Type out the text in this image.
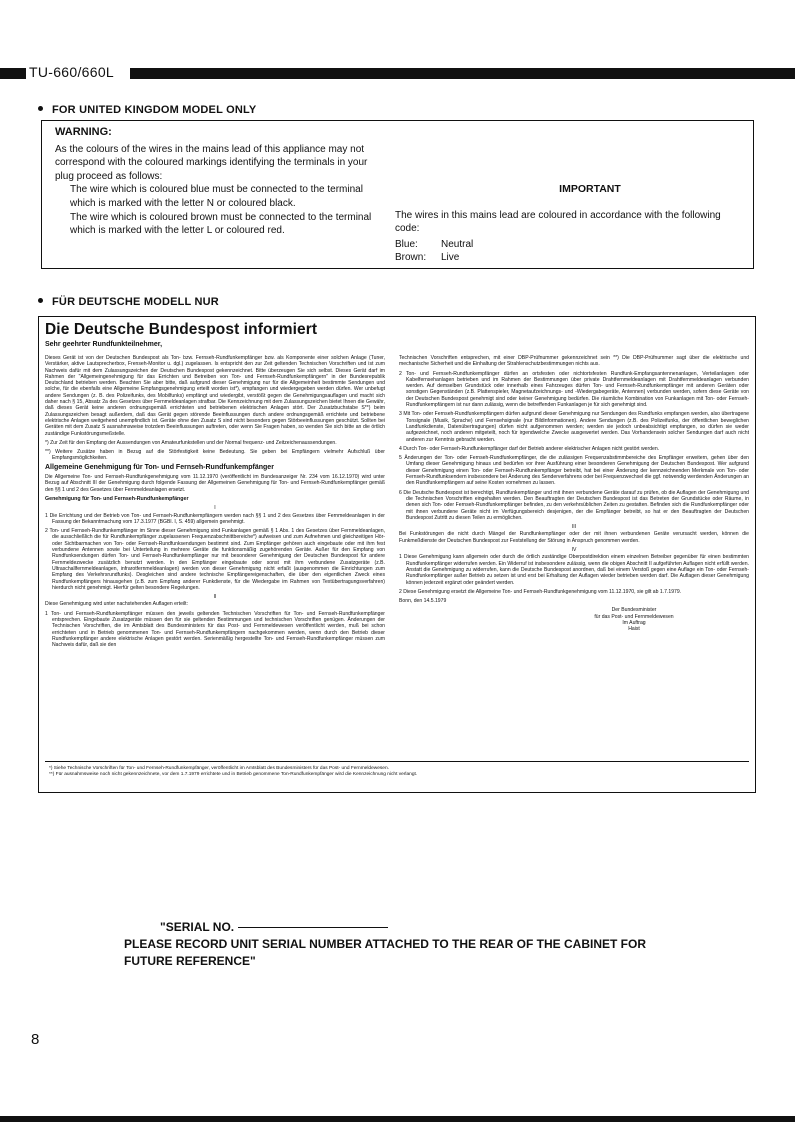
TU-660/660L
FOR UNITED KINGDOM MODEL ONLY
WARNING:
As the colours of the wires in the mains lead of this appliance may not correspond with the coloured markings identifying the terminals in your plug proceed as follows:
The wire which is coloured blue must be connected to the terminal which is marked with the letter N or coloured black.
The wire which is coloured brown must be connected to the terminal which is marked with the letter L or coloured red.
IMPORTANT
The wires in this mains lead are coloured in accordance with the following code:
Blue:	Neutral
Brown:	Live
FÜR DEUTSCHE MODELL NUR
Die Deutsche Bundespost informiert
Sehr geehrter Rundfunkteilnehmer,

Dieses Gerät ist von der Deutschen Bundespost als Ton- bzw. Fernseh-Rundfunkempfänger bzw. als Komponente einer solchen Anlage (Tuner, Verstärker, aktive Lautsprecherbox, Frenseh-Monitor u. dgl.) zugelassen. Is entspricht den zur Zeit geltenden Technischen Vorschriften und ist zum Nachweis dafür mit dem Zulassungszeichen der Deutschen Bundespost gekennzeichnet. Bitte überzeugen Sie sich selbst. Dieses Gerät darf im Rahmen der "Allgemeingenehmigung für das Errichten und Betreiben von Ton- und Fernseh-Rundfunkempfängern" in der Bundesrepublik Deutschland betrieben werden. Beachten Sie aber bitte, daß aufgrund dieser Genehmigung nur für die Allgemeinheit bestimmte Sendungen und solche, für die ebenfalls eine Allgemeine Empfangsgenehmigung erteilt worden ist*), empfangen und wiedergegeben werden dürfen. Wer unbefugt andere Sendungen (z. B. des Polizeifunks, des Mobilfunks) empfängt und wiedergibt, verstößt gegen die Genehmigungsauflagen und macht sich daher nach § 15, Absatz 2a des Gesetzes über Fernmeldeanlagen strafbar. Die Kennzeichnung mit dem Zulassungszeichen bietet Ihnen die Gewähr, daß dieses Gerät keine anderen ordnungsgemäß errichteten und betriebenen elektrischen Anlagen stört. Der Zusatzbuchstabe S**) beim Zulassungszeichen besagt außerdem, daß das Gerät gegen störende Beeinflussungen durch andere ordnungsgemäß errichtete und betriebene elektrische Anlagen weitgehend unempfindlich ist. Geräte ohne den Zusatz S sind nicht besonders gegen Störbeeinflussungen geschützt. Sollten bei Geräten mit dem Zusatz S ausnahmsweise trotzdem Beeinflussungen auftreten, oder wenn Sie Fragen haben, so wenden Sie sich bitte an die örtlich zuständige Funkstörungsmeßstelle.

*) Zur Zeit für den Empfang der Aussendungen von Amateurfunkstellen und der Normal frequenz- und Zeitzeichenaussendungen.

**) Weitere Zusätze haben in Bezug auf die Störfestigkeit keine Bedeutung. Sie geben bei Empfängern vielmehr Aufschluß über Empfangsmöglichkeiten.

Allgemeine Genehmigung für Ton- und Fernseh-Rundfunkempfänger

Die Allgemeine Ton- und Fernseh-Rundfunkgenehmigung vom 11.12.1970 (veröffentlicht im Bundesanzeiger Nr. 234 vom 16.12.1970) wird unter Bezug auf Abschnitt III der Genehmigung durch folgende Fassung der Allgemeinen Genehmigung für Ton- und Fernseh-Rundfunkempfänger gemäß den §§ 1 und 2 des Gesetzes über Fernmeldeanlagen ersetzt.

Genehmigung für Ton- und Fernseh-Rundfunkempfänger
I

1 Die Errichtung und der Betrieb von Ton- und Fernseh-Rundfunkempfängern werden nach §§ 1 und 2 des Gesetzes über Fernmeldeanlagen in der Fassung der Bekanntmachung vom 17.3.1977 (BGBl. I, S. 459) allgemein genehmigt.

2 Ton- und Fernseh-Rundfunkempfänger im Sinne dieser Genehmigung sind Funkanlagen gemäß § 1 Abs. 1 des Gesetzes über Fernmeldeanlagen, die ausschließlich die für Rundfunkempfänger zugelassenen Frequenzabschnittbereiche*) aufweisen und zum Aufnehmen und gleichzeitigen Hör- oder Sichtbarmachen von Ton- oder Fernseh-Rundfunksendungen bestimmt sind. Zum Empfänger gehören auch eingebaute oder mit ihm fest verbundene Antennen sowie bei Unterteilung in mehrere Geräte die funktionsmäßig zugehörenden Geräte. Außer für den Empfang von Rundfunksendungen dürfen Ton- und Fernseh-Rundfunkempfänger nur mit besonderer Genehmigung der Deutschen Bundespost für andere Fernmeldezwecke zusätzlich benutzt werden. In den Empfänger eingebaute oder sonst mit ihm verbundene Zusatzgeräte (z.B. Ultraschallfernmeldeanlagen, infrarotfernmeldeanlagen) werden von dieser Genehmigung nicht erfaßt (ausgenommen die Einrichtungen zum Empfang des Verkehrsrundfunks). Desgleichen sind andere technische Empfängereigenschaften, die über den eigentlichen Zweck eines Rundfunkempfängers hinausgehen (z.B. zum Empfang anderer Funkdienste, für die Wiedergabe im Rahmen von Textübertragungsverfahren) hierdurch nicht genehmigt. Hierfür gelten besondere Regelungen.

II

Diese Genehmigung wird unter nachstehenden Auflagen erteilt:

1 Ton- und Fernseh-Rundfunkempfänger müssen den jeweils geltenden Technischen Vorschriften für Ton- und Fernseh-Rundfunkempfänger entsprechen. Eingebaute Zusatzgeräte müssen den für sie geltenden Bestimmungen und technischen Vorschriften genügen. Änderungen der Technischen Vorschriften, die im Amtsblatt des Bundesministers für das Post- und Fernmeldewesen veröffentlicht werden, muß bei schon errichteten und in Betrieb genommenen Ton- und Fernseh-Rundfunkempfängern nachgekommen werden, wenn durch den Betrieb dieser Rundfunkempfänger andere elektrische Anlagen gestört werden. Serienmäßig hergestellte Ton- und Fernseh-Rundfunkempfänger müssen zum Nachweis dafür, daß sie den

Technischen Vorschriften entsprechen, mit einer DBP-Prüfnummer gekennzeichnet sein **) Die DBP-Prüfnummer sagt über die elektrische und mechanische Sicherheit und die Einhaltung der Strahlenschutzbestimmungen nichts aus.

2 Ton- und Fernseh-Rundfunkempfänger dürfen an ortsfesten oder nichtortsfesten Rundfunk-Empfangsantennenanlagen, Verteilanlagen oder Kabelfernsehanlagen betrieben und im Rahmen der Bestimmungen über private Drahtfernmeldeanlagen mit Drahtfernmeldeanlagen verbunden werden. Auf demselben Grundstück oder innerhalb eines Fahrzeuges dürfen Ton- und Fernseh-Rundfunkempfänger mit anderen Geräten oder sonstigen Gegenständen (z.B. Plattenspieler, Magnetaufzeichnungs- und -Wiedergabegeräte, Antennen) verbunden werden, sofern diese Geräte von der Deutschen Bundespost genehmigt sind oder keiner Genehmigung bedürfen. Die räumliche Kombination von Funkanlagen mit Ton- oder Fernseh-Rundfunkempfängern ist nur dann zulässig, wenn die betreffenden Funkanlagen je für sich genehmigt sind.

3 Mit Ton- oder Fernseh-Rundfunkempfängern dürfen aufgrund dieser Genehmigung nur Sendungen des Rundfunks empfangen werden, also übertragene Tonsignale (Musik, Sprache) und Fernsehsignale (nur Bildinformationen). Andere Sendungen (z.B. des Polizeifunks, der öffentlichen beweglichen Landfunkdienste, Datenübertragungen) dürfen nicht aufgenommen werden; werden sie jedoch unbeabsichtigt empfangen, so dürfen sie weder aufgezeichnet, noch anderen mitgeteilt, noch für irgendwelche Zwecke ausgewertet werden. Das Vorhandensein solcher Sendungen darf auch nicht anderen zur Kenntnis gebracht werden.

4 Durch Ton- oder Fernseh-Rundfunkempfänger darf der Betrieb anderer elektrischer Anlagen nicht gestört werden.

5 Änderungen der Ton- oder Fernseh-Rundfunkempfänger, die die zulässigen Frequenzabstimmbereiche des Empfänger erweitern, gehen über den Umfang dieser Genehmigung hinaus und bedürfen vor ihrer Ausführung einer besonderen Genehmigung der Deutschen Bundespost. Wer aufgrund dieser Genehmigung einen Ton- oder Fernseh-Rundfunkempfänger betreibt, hat bei einer Änderung der kennzeichnenden Merkmale von Ton- oder Fernseh-Rundfunksendern insbesondere bei Änderung des Senderverfahrens oder bei Frequenzwechsel die ggf. notwendig werdenden Änderungen an den Rundfunkempfängern auf seine Kosten vornehmen zu lassen.

6 Die Deutsche Bundespost ist berechtigt, Rundfunkempfänger und mit ihnen verbundene Geräte darauf zu prüfen, ob die Auflagen der Genehmigung und die Technischen Vorschriften eingehalten werden. Den Beauftragten der Deutschen Bundespost ist das Betreten der Grundstücke oder Räume, in denen sich Ton- oder Fernseh-Rundfunkempfänger befinden, zu den verkehrsüblichen Zeiten zu gestatten. Befinden sich die Rundfunkempfänger oder mit ihnen verbundene Geräte nicht im Verfügungsbereich desjenigen, der die Empfänger betreibt, so hat er den Beauftragten der Deutschen Bundespost Zutritt zu diesen Teilen zu ermöglichen.

III

Bei Funkstörungen die nicht durch Mängel der Rundfunkempfänger oder der mit ihnen verbundenen Geräte verursacht werden, können die Funkmeßdienste der Deutschen Bundespost zur Feststellung der Störung in Anspruch genommen werden.

IV

1 Diese Genehmigung kann allgemein oder durch die örtlich zuständige Oberpostdirektion einem einzelnen Betreiber gegenüber für einen bestimmten Rundfunkempfänger widerrufen werden. Ein Widerruf ist insbesondere zulässig, wenn die obigen Abschnitt II aufgeführten Auflagen nicht erfüllt werden. Anstatt die Genehmigung zu widerrufen, kann die Deutsche Bundespost anordnen, daß bei einem Verstoß gegen eine Auflage ein Ton- oder Fernseh-Rundfunkempfänger außer Betrieb zu setzen ist und erst bei Erhaltung der Auflagen wieder betrieben werden darf. Die Auflagen dieser Genehmigung können jederzeit ergänzt oder geändert werden.

2 Diese Genehmigung ersetzt die Allgemeine Ton- und Fernseh-Rundfunkgenehmigung vom 11.12.1970, sie gilt ab 1.7.1979.

Bonn, den 14.5.1979

Der Bundesminister
für das Post- und Fernmeldewesen
Im Auftrag
Haist
*) Siehe Technische Vorschriften für Ton- und Fernseh-Rundfunkempfänger, veröffentlicht im Amtsblatt des Bundesministers für das Post- und Fernmeldewesen.
**) Für ausnahmsweise noch nicht gekennzeichnete, vor dem 1.7.1979 errichtete und in Betrieb genommene Ton-Rundfunkempfänger wird die Kennzeichnung nicht verlangt.
"SERIAL NO.
PLEASE RECORD UNIT SERIAL NUMBER ATTACHED TO THE REAR OF THE CABINET FOR FUTURE REFERENCE"
8
